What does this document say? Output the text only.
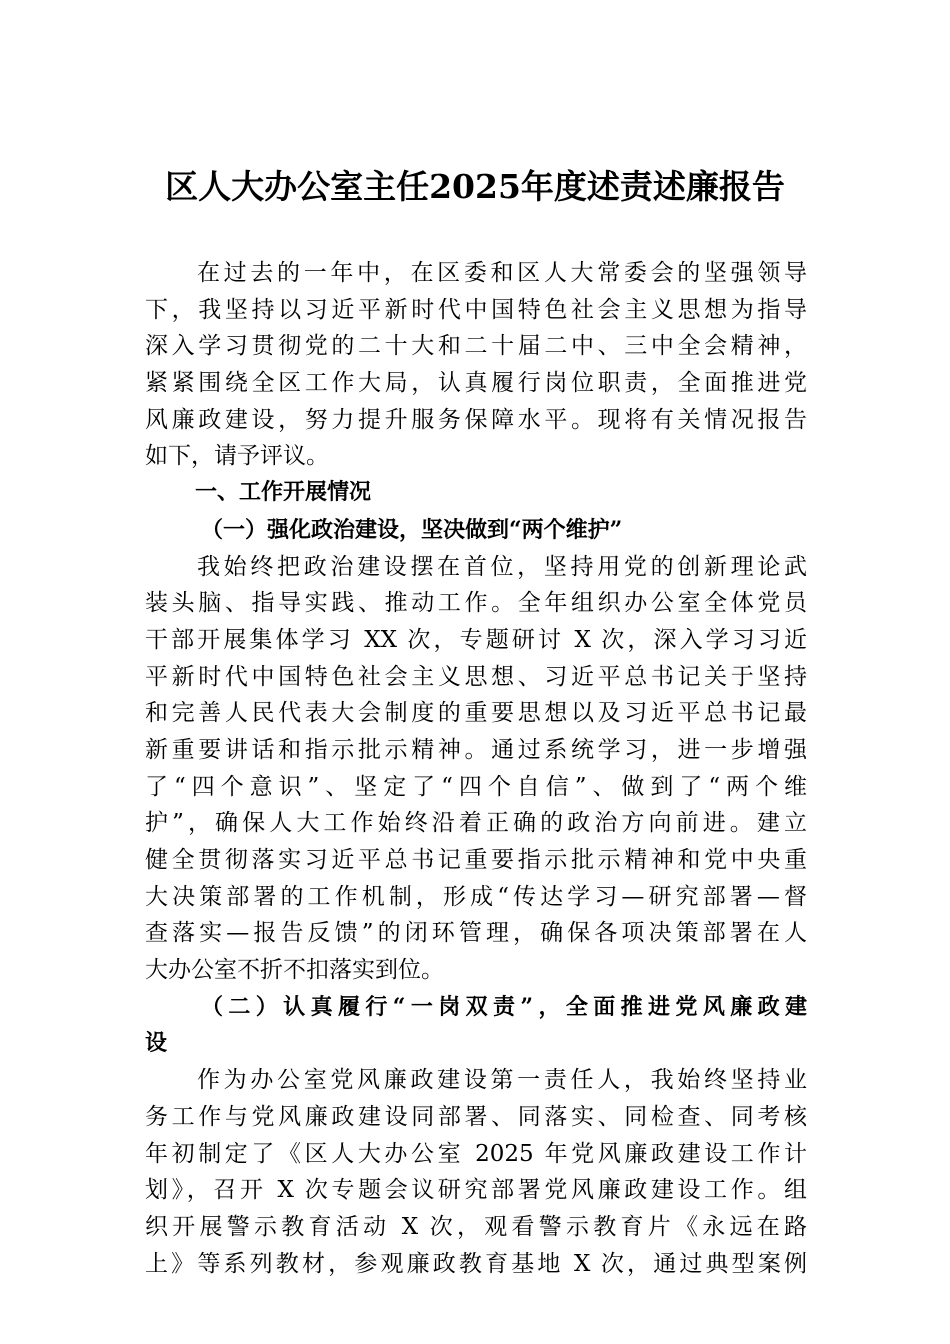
区人大办公室主任2025年度述责述廉报告
在过去的一年中，在区委和区人大常委会的坚强领导
下，我坚持以习近平新时代中国特色社会主义思想为指导
深入学习贯彻党的二十大和二十届二中、三中全会精神，
紧紧围绕全区工作大局，认真履行岗位职责，全面推进党
风廉政建设，努力提升服务保障水平。现将有关情况报告
如下，请予评议。
一、工作开展情况
（一）强化政治建设，坚决做到“两个维护”
我始终把政治建设摆在首位，坚持用党的创新理论武
装头脑、指导实践、推动工作。全年组织办公室全体党员
干部开展集体学习 XX 次，专题研讨 X 次，深入学习习近
平新时代中国特色社会主义思想、习近平总书记关于坚持
和完善人民代表大会制度的重要思想以及习近平总书记最
新重要讲话和指示批示精神。通过系统学习，进一步增强
了“四个意识”、坚定了“四个自信”、做到了“两个维
护”，确保人大工作始终沿着正确的政治方向前进。建立
健全贯彻落实习近平总书记重要指示批示精神和党中央重
大决策部署的工作机制，形成“传达学习—研究部署—督
查落实—报告反馈”的闭环管理，确保各项决策部署在人
大办公室不折不扣落实到位。
（二）认真履行“一岗双责”，全面推进党风廉政建
设
作为办公室党风廉政建设第一责任人，我始终坚持业
务工作与党风廉政建设同部署、同落实、同检查、同考核
年初制定了《区人大办公室 2025 年党风廉政建设工作计
划》，召开 X 次专题会议研究部署党风廉政建设工作。组
织开展警示教育活动 X 次，观看警示教育片《永远在路
上》等系列教材，参观廉政教育基地 X 次，通过典型案例
